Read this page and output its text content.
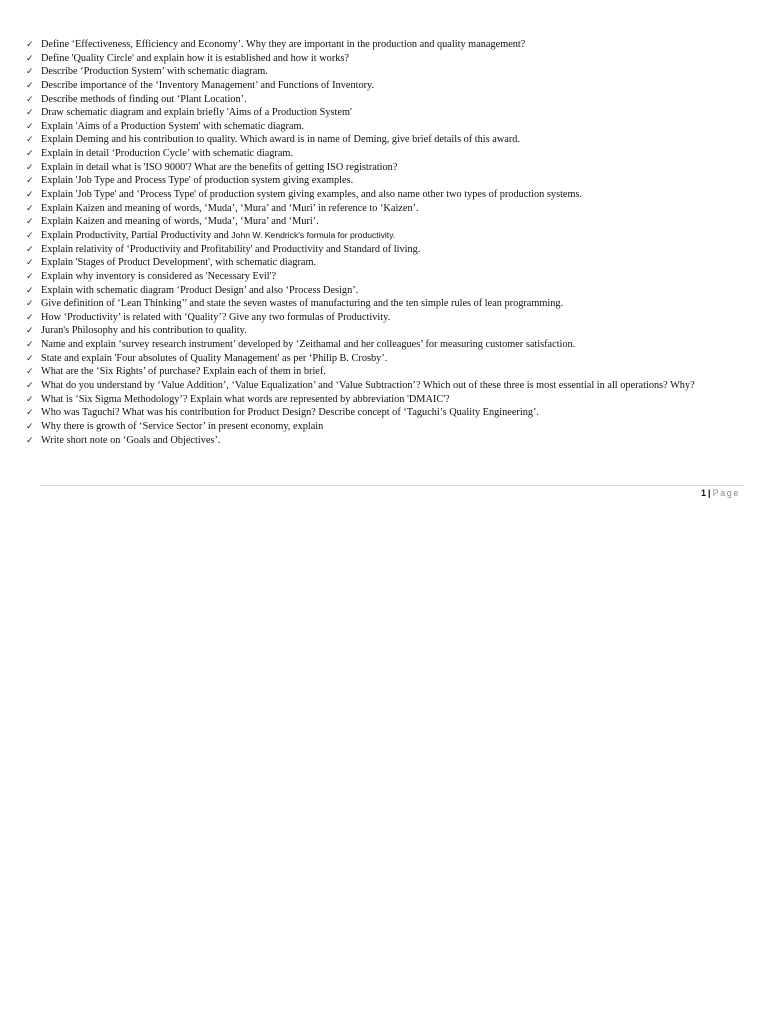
✓ Define ‘Effectiveness, Efficiency and Economy’. Why they are important in the production and quality management?
✓ Define 'Quality Circle' and explain how it is established and how it works?
✓ Describe ‘Production System’ with schematic diagram.
✓ Describe importance of the ‘Inventory Management’ and Functions of Inventory.
✓ Describe methods of finding out ‘Plant Location’.
✓ Draw schematic diagram and explain briefly 'Aims of a Production System'
✓ Explain 'Aims of a Production System' with schematic diagram.
✓ Explain Deming and his contribution to quality. Which award is in name of Deming, give brief details of this award.
✓ Explain in detail ‘Production Cycle’ with schematic diagram.
✓ Explain in detail what is 'ISO 9000'? What are the benefits of getting ISO registration?
✓ Explain 'Job Type and Process Type' of production system giving examples.
✓ Explain 'Job Type' and ‘Process Type' of production system giving examples, and also name other two types of production systems.
✓ Explain Kaizen and meaning of words, ‘Muda’, ‘Mura’ and ‘Muri’ in reference to ‘Kaizen’.
✓ Explain Kaizen and meaning of words, ‘Muda’, ‘Mura’ and ‘Muri’.
✓ Explain Productivity, Partial Productivity and John W. Kendrick's formula for productivity.
✓ Explain relativity of ‘Productivity and Profitability' and Productivity and Standard of living.
✓ Explain 'Stages of Product Development', with schematic diagram.
✓ Explain why inventory is considered as 'Necessary Evil'?
✓ Explain with schematic diagram ‘Product Design’ and also ‘Process Design’.
✓ Give definition of ‘Lean Thinking’’ and state the seven wastes of manufacturing and the ten simple rules of lean programming.
✓ How ‘Productivity’ is related with ‘Quality’? Give any two formulas of Productivity.
✓ Juran's Philosophy and his contribution to quality.
✓ Name and explain ‘survey research instrument’ developed by ‘Zeithamal and her colleagues’ for measuring customer satisfaction.
✓ State and explain 'Four absolutes of Quality Management' as per ‘Philip B. Crosby’.
✓ What are the ‘Six Rights’ of purchase? Explain each of them in brief.
✓ What do you understand by ‘Value Addition’, ‘Value Equalization’ and ‘Value Subtraction’? Which out of these three is most essential in all operations? Why?
✓ What is ‘Six Sigma Methodology’? Explain what words are represented by abbreviation 'DMAIC'?
✓ Who was Taguchi? What was his contribution for Product Design? Describe concept of ‘Taguchi’s Quality Engineering’.
✓ Why there is growth of ‘Service Sector’ in present economy, explain
✓ Write short note on ‘Goals and Objectives’.
1 | Page
